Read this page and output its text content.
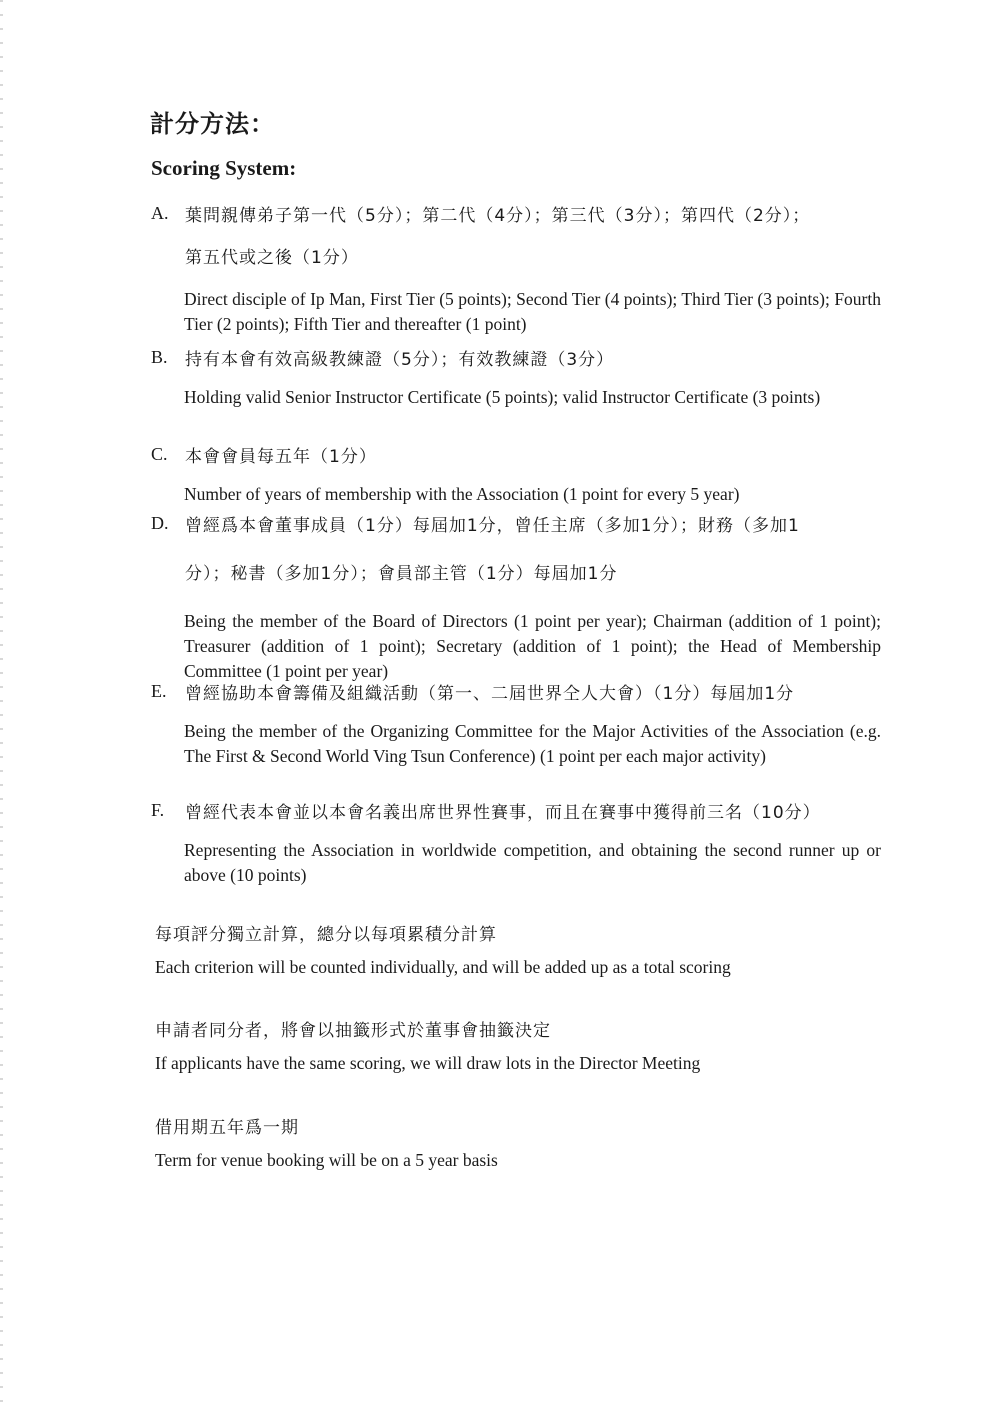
計分方法：
Scoring System:
A. 葉問親傳弟子第一代（5分）；第二代（4分）；第三代（3分）；第四代（2分）；
第五代或之後（1分）
Direct disciple of Ip Man, First Tier (5 points); Second Tier (4 points); Third Tier (3 points); Fourth Tier (2 points); Fifth Tier and thereafter (1 point)
B. 持有本會有效高級教練證（5分）；有效教練證（3分）
Holding valid Senior Instructor Certificate (5 points); valid Instructor Certificate (3 points)
C. 本會會員每五年（1分）
Number of years of membership with the Association (1 point for every 5 year)
D. 曾經爲本會董事成員（1分）每屆加1分，曾任主席（多加1分）；財務（多加1
分）；秘書（多加1分）；會員部主管（1分）每屆加1分
Being the member of the Board of Directors (1 point per year); Chairman (addition of 1 point); Treasurer (addition of 1 point); Secretary (addition of 1 point); the Head of Membership Committee (1 point per year)
E. 曾經協助本會籌備及組織活動（第一、二屆世界仝人大會）（1分）每屆加1分
Being the member of the Organizing Committee for the Major Activities of the Association (e.g. The First & Second World Ving Tsun Conference) (1 point per each major activity)
F. 曾經代表本會並以本會名義出席世界性賽事，而且在賽事中獲得前三名（10分）
Representing the Association in worldwide competition, and obtaining the second runner up or above (10 points)
每項評分獨立計算，總分以每項累積分計算
Each criterion will be counted individually, and will be added up as a total scoring
申請者同分者，將會以抽籤形式於董事會抽籤決定
If applicants have the same scoring, we will draw lots in the Director Meeting
借用期五年爲一期
Term for venue booking will be on a 5 year basis
